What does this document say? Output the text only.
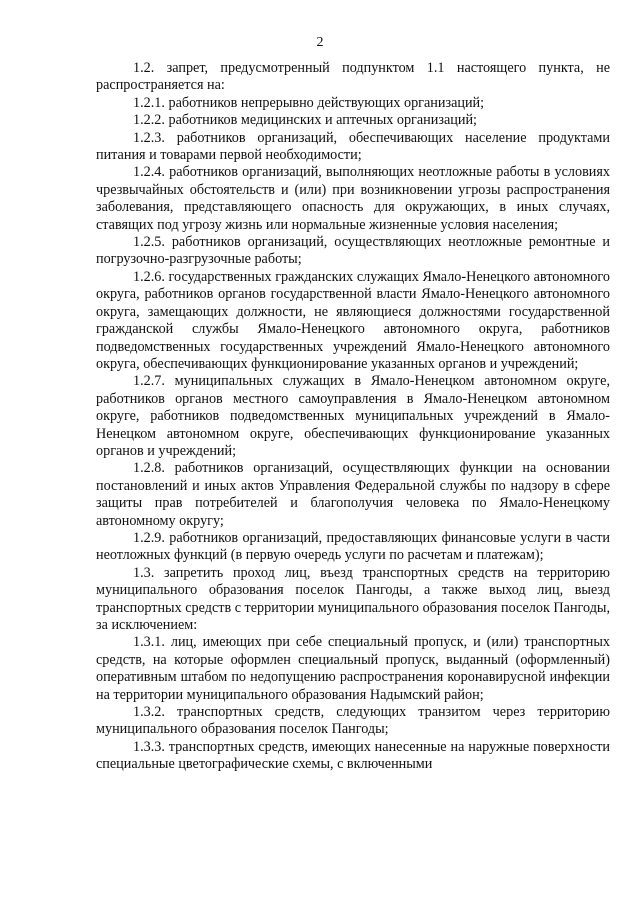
2

1.2. запрет, предусмотренный подпунктом 1.1 настоящего пункта, не распространяется на:

1.2.1. работников непрерывно действующих организаций;

1.2.2. работников медицинских и аптечных организаций;

1.2.3. работников организаций, обеспечивающих население продуктами питания и товарами первой необходимости;

1.2.4. работников организаций, выполняющих неотложные работы в условиях чрезвычайных обстоятельств и (или) при возникновении угрозы распространения заболевания, представляющего опасность для окружающих, в иных случаях, ставящих под угрозу жизнь или нормальные жизненные условия населения;

1.2.5. работников организаций, осуществляющих неотложные ремонтные и погрузочно-разгрузочные работы;

1.2.6. государственных гражданских служащих Ямало-Ненецкого автономного округа, работников органов государственной власти Ямало-Ненецкого автономного округа, замещающих должности, не являющиеся должностями государственной гражданской службы Ямало-Ненецкого автономного округа, работников подведомственных государственных учреждений Ямало-Ненецкого автономного округа, обеспечивающих функционирование указанных органов и учреждений;

1.2.7. муниципальных служащих в Ямало-Ненецком автономном округе, работников органов местного самоуправления в Ямало-Ненецком автономном округе, работников подведомственных муниципальных учреждений в Ямало-Ненецком автономном округе, обеспечивающих функционирование указанных органов и учреждений;

1.2.8. работников организаций, осуществляющих функции на основании постановлений и иных актов Управления Федеральной службы по надзору в сфере защиты прав потребителей и благополучия человека по Ямало-Ненецкому автономному округу;

1.2.9. работников организаций, предоставляющих финансовые услуги в части неотложных функций (в первую очередь услуги по расчетам и платежам);

1.3. запретить проход лиц, въезд транспортных средств на территорию муниципального образования поселок Пангоды, а также выход лиц, выезд транспортных средств с территории муниципального образования поселок Пангоды, за исключением:

1.3.1. лиц, имеющих при себе специальный пропуск, и (или) транспортных средств, на которые оформлен специальный пропуск, выданный (оформленный) оперативным штабом по недопущению распространения коронавирусной инфекции на территории муниципального образования Надымский район;

1.3.2. транспортных средств, следующих транзитом через территорию муниципального образования поселок Пангоды;

1.3.3. транспортных средств, имеющих нанесенные на наружные поверхности специальные цветографические схемы, с включенными
